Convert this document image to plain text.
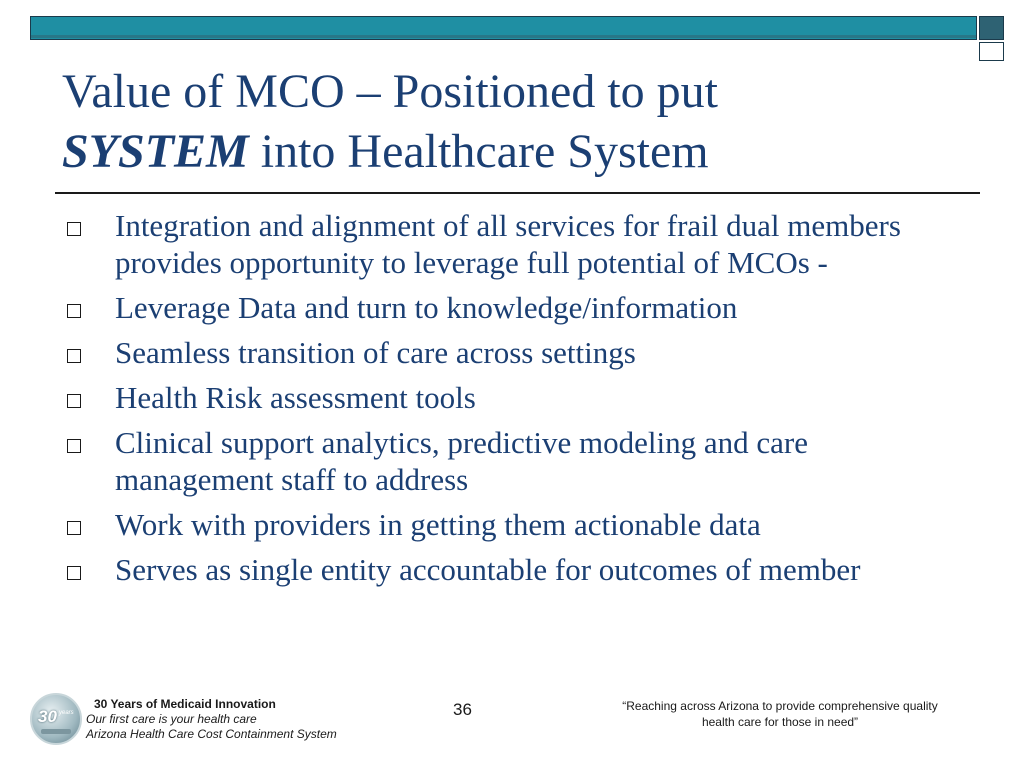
Value of MCO – Positioned to put
SYSTEM into Healthcare System
Integration and alignment of all services for frail dual members provides opportunity to leverage full potential of MCOs -
Leverage Data and turn to knowledge/information
Seamless transition of care across settings
Health Risk assessment tools
Clinical support analytics, predictive modeling and care management staff to address
Work with providers in getting them actionable data
Serves as single entity accountable for outcomes of member
30 years
30 Years of Medicaid Innovation
Our first care is your health care
Arizona Health Care Cost Containment System
36	“Reaching across Arizona to provide comprehensive quality
health care for those in need”
